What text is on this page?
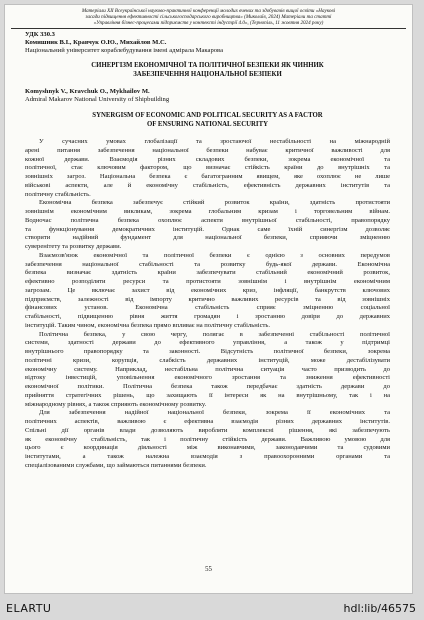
Матеріали XII Всеукраїнської науково-практичної конференції молодих вчених та здобувачів вищої освіти «Наукові
засади підвищення ефективності сільськогосподарського виробництва» (Миколаїв, 2024) Матеріали та статті
«Управління бізнес-процесами підприємств у контексті індустрії 4.0», (Тернопіль, 11 жовтня 2024 року)
УДК 330.3
Комишник В.І., Кравчук О.Ю., Михайлов М.С.
Національний університет кораблебудування імені адмірала Макарова
СИНЕРГІЗМ ЕКОНОМІЧНОЇ ТА ПОЛІТИЧНОЇ БЕЗПЕКИ ЯК ЧИННИК
ЗАБЕЗПЕЧЕННЯ НАЦІОНАЛЬНОЇ БЕЗПЕКИ
Komyshnyk V., Kravchuk O., Mykhailov M.
Admiral Makarov National University of Shipbuilding
SYNERGISM OF ECONOMIC AND POLITICAL SECURITY AS A FACTOR
OF ENSURING NATIONAL SECURITY
У сучасних умовах глобалізації та зростаючої нестабільності на міжнародній
арені питання забезпечення національної безпеки набуває критичної важливості для
кожної держави. Взаємодія різних складових безпеки, зокрема економічної та
політичної, стає ключовим фактором, що визначає стійкість країни до внутрішніх та
зовнішніх загроз. Національна безпека є багатогранним явищем, яке охоплює не лише
військові аспекти, але й економічну стабільність, ефективність державних інститутів та
політичну стабільність.
Економічна безпека забезпечує стійкий розвиток країни, здатність протистояти
зовнішнім економічним викликам, зокрема глобальним кризам і торговельним війнам.
Водночас політична безпека охоплює аспекти внутрішньої стабільності, правопорядку
та функціонування демократичних інституцій. Однак саме їхній синергізм дозволяє
створити надійний фундамент для національної безпеки, сприяючи зміцненню
суверенітету та розвитку держави.
Взаємозв'язок економічної та політичної безпеки є однією з основних передумов
забезпечення національної стабільності та розвитку будь-якої держави. Економічна
безпека визначає здатність країни забезпечувати стабільний економічний розвиток,
ефективно розподіляти ресурси та протистояти зовнішнім і внутрішнім економічним
загрозам. Це включає захист від економічних криз, інфляції, банкрутств ключових
підприємств, залежності від імпорту критично важливих ресурсів та від зовнішніх
фінансових установ. Економічна стабільність сприяє зміцненню соціальної
стабільності, підвищенню рівня життя громадян і зростанню довіри до державних
інституцій. Таким чином, економічна безпека прямо впливає на політичну стабільність.
Політична безпека, у свою чергу, полягає в забезпеченні стабільності політичної
системи, здатності держави до ефективного управління, а також у підтримці
внутрішнього правопорядку та законності. Відсутність політичної безпеки, зокрема
політичні кризи, корупція, слабкість державних інституцій, може дестабілізувати
економічну систему. Наприклад, нестабільна політична ситуація часто призводить до
відтоку інвестицій, уповільнення економічного зростання та зниження ефективності
економічної політики. Політична безпека також передбачає здатність держави до
прийняття стратегічних рішень, що захищають її інтереси як на внутрішньому, так і на
міжнародному рівнях, а також сприяють економічному розвитку.
Для забезпечення надійної національної безпеки, зокрема її економічних та
політичних аспектів, важливою є ефективна взаємодія різних державних інститутів.
Спільні дії органів влади дозволяють виробляти комплексні рішення, які забезпечують
як економічну стабільність, так і політичну стійкість держави. Важливою умовою для
цього є координація діяльності між виконавчими, законодавчими та судовими
інститутами, а також належна взаємодія з правоохоронними органами та
спеціалізованими службами, що займаються питаннями безпеки.
55
ELARTU	hdl:lib/46575
